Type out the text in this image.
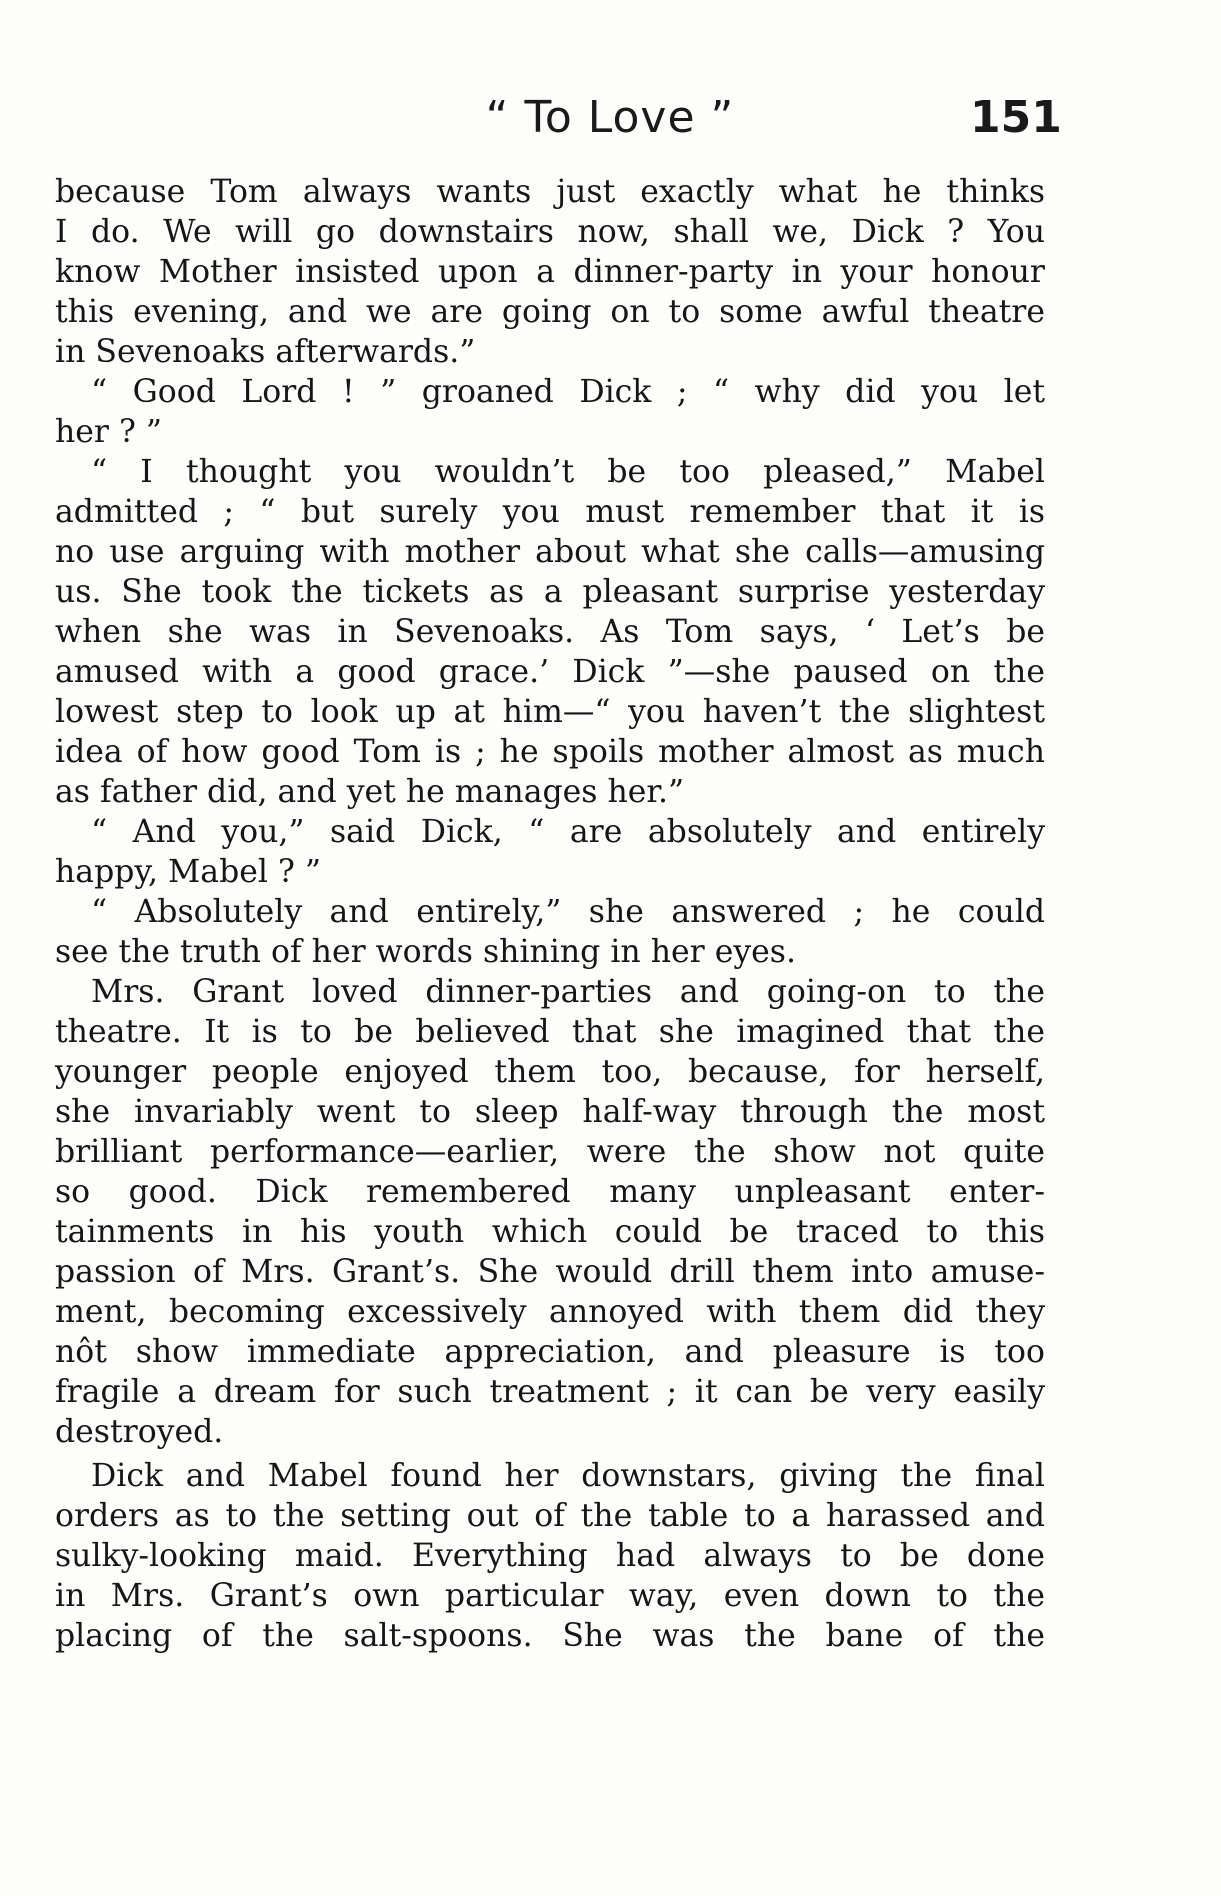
“ To Love ”	151
because Tom always wants just exactly what he thinks
I do. We will go downstairs now, shall we, Dick ? You
know Mother insisted upon a dinner-party in your honour
this evening, and we are going on to some awful theatre
in Sevenoaks afterwards.”
“ Good Lord ! ” groaned Dick ; “ why did you let
her ? ”
“ I thought you wouldn’t be too pleased,” Mabel
admitted ; “ but surely you must remember that it is
no use arguing with mother about what she calls—amusing
us. She took the tickets as a pleasant surprise yesterday
when she was in Sevenoaks. As Tom says, ‘ Let’s be
amused with a good grace.’ Dick ”—she paused on the
lowest step to look up at him—“ you haven’t the slightest
idea of how good Tom is ; he spoils mother almost as much
as father did, and yet he manages her.”
“ And you,” said Dick, “ are absolutely and entirely
happy, Mabel ? ”
“ Absolutely and entirely,” she answered ; he could
see the truth of her words shining in her eyes.
Mrs. Grant loved dinner-parties and going-on to the
theatre. It is to be believed that she imagined that the
younger people enjoyed them too, because, for herself,
she invariably went to sleep half-way through the most
brilliant performance—earlier, were the show not quite
so good. Dick remembered many unpleasant enter-
tainments in his youth which could be traced to this
passion of Mrs. Grant’s. She would drill them into amuse-
ment, becoming excessively annoyed with them did they
nôt show immediate appreciation, and pleasure is too
fragile a dream for such treatment ; it can be very easily
destroyed.
Dick and Mabel found her downstars, giving the final
orders as to the setting out of the table to a harassed and
sulky-looking maid. Everything had always to be done
in Mrs. Grant’s own particular way, even down to the
placing of the salt-spoons. She was the bane of the
